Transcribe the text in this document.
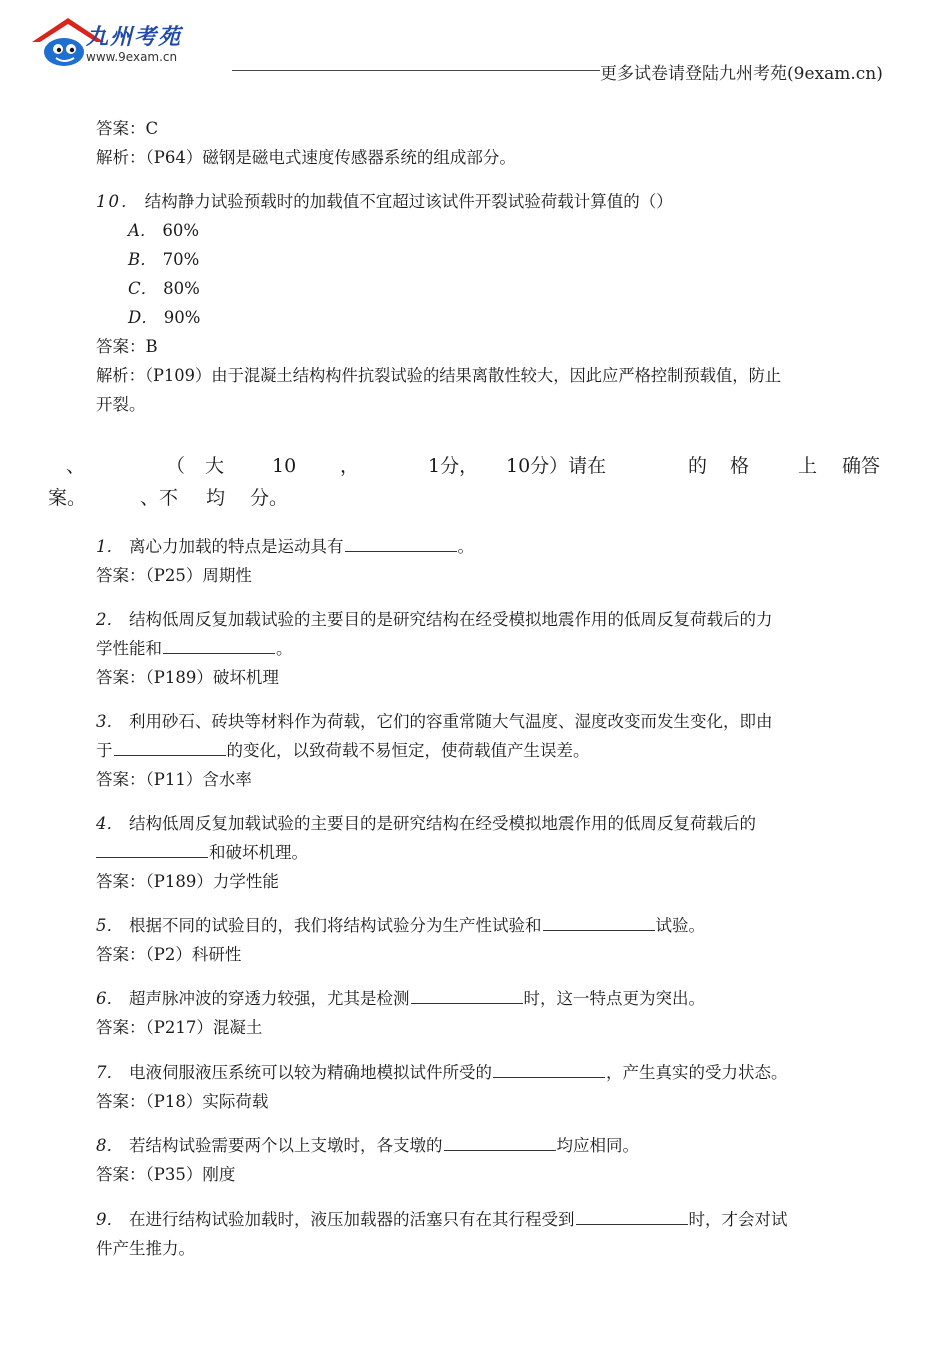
九州考苑
www.9exam.cn
更多试卷请登陆九州考苑(9exam.cn)
答案：C
解析：（P64）磁钢是磁电式速度传感器系统的组成部分。
10． 结构静力试验预载时的加载值不宜超过该试件开裂试验荷载计算值的（）
A． 60%
B． 70%
C． 80%
D． 90%
答案：B
解析：（P109）由于混凝土结构构件抗裂试验的结果离散性较大，因此应严格控制预载值，防止
开裂。
、	（ 大	10 ，	1分， 10分）请在	的 格	上 确答
案。	、不 均 分。
1． 离心力加载的特点是运动具有	。
答案：（P25）周期性
2． 结构低周反复加载试验的主要目的是研究结构在经受模拟地震作用的低周反复荷载后的力
学性能和	。
答案：（P189）破坏机理
3． 利用砂石、砖块等材料作为荷载，它们的容重常随大气温度、湿度改变而发生变化，即由
于	的变化，以致荷载不易恒定，使荷载值产生误差。
答案：（P11）含水率
4． 结构低周反复加载试验的主要目的是研究结构在经受模拟地震作用的低周反复荷载后的
和破坏机理。
答案：（P189）力学性能
5． 根据不同的试验目的，我们将结构试验分为生产性试验和	试验。
答案：（P2）科研性
6． 超声脉冲波的穿透力较强，尤其是检测	时，这一特点更为突出。
答案：（P217）混凝土
7． 电液伺服液压系统可以较为精确地模拟试件所受的	，产生真实的受力状态。
答案：（P18）实际荷载
8． 若结构试验需要两个以上支墩时，各支墩的	均应相同。
答案：（P35）刚度
9． 在进行结构试验加载时，液压加载器的活塞只有在其行程受到	时，才会对试
件产生推力。
